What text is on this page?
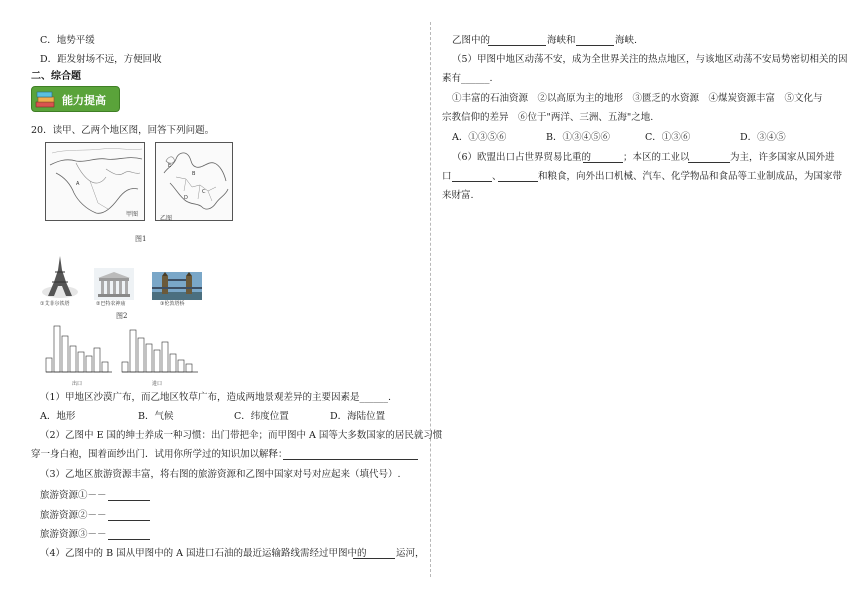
C．地势平缓
D．距发射场不远，方便回收
二、综合题
能力提高
20．读甲、乙两个地区图，回答下列问题。
A
甲图
E
B
C
D
乙图
图1
①艾菲尔铁塔	②巴特农神庙	③伦敦塔桥
图2
出口	进口
（1）甲地区沙漠广布，而乙地区牧草广布，造成两地景观差异的主要因素是______.
A．地形	B．气候	C．纬度位置	D．海陆位置
（2）乙图中 E 国的绅士养成一种习惯：出门带把伞；而甲图中 A 国等大多数国家的居民就习惯
穿一身白袍，围着面纱出门．试用你所学过的知识加以解释：
（3）乙地区旅游资源丰富，将右图的旅游资源和乙图中国家对号对应起来（填代号）.
旅游资源①－－
旅游资源②－－
旅游资源③－－
（4）乙图中的 B 国从甲图中的 A 国进口石油的最近运输路线需经过甲图中的	运河，
乙图中的	海峡和	海峡.
（5）甲图中地区动荡不安，成为全世界关注的热点地区，与该地区动荡不安局势密切相关的因
素有______.
①丰富的石油资源　②以高原为主的地形　③匮乏的水资源　④煤炭资源丰富　⑤文化与
宗教信仰的差异　⑥位于"两洋、三洲、五海"之地.
A．①③⑤⑥	B．①③④⑤⑥	C．①③⑥	D．③④⑤
（6）欧盟出口占世界贸易比重的	；本区的工业以	为主，许多国家从国外进
口	、	和粮食，向外出口机械、汽车、化学物品和食品等工业制成品，为国家带
来财富.
